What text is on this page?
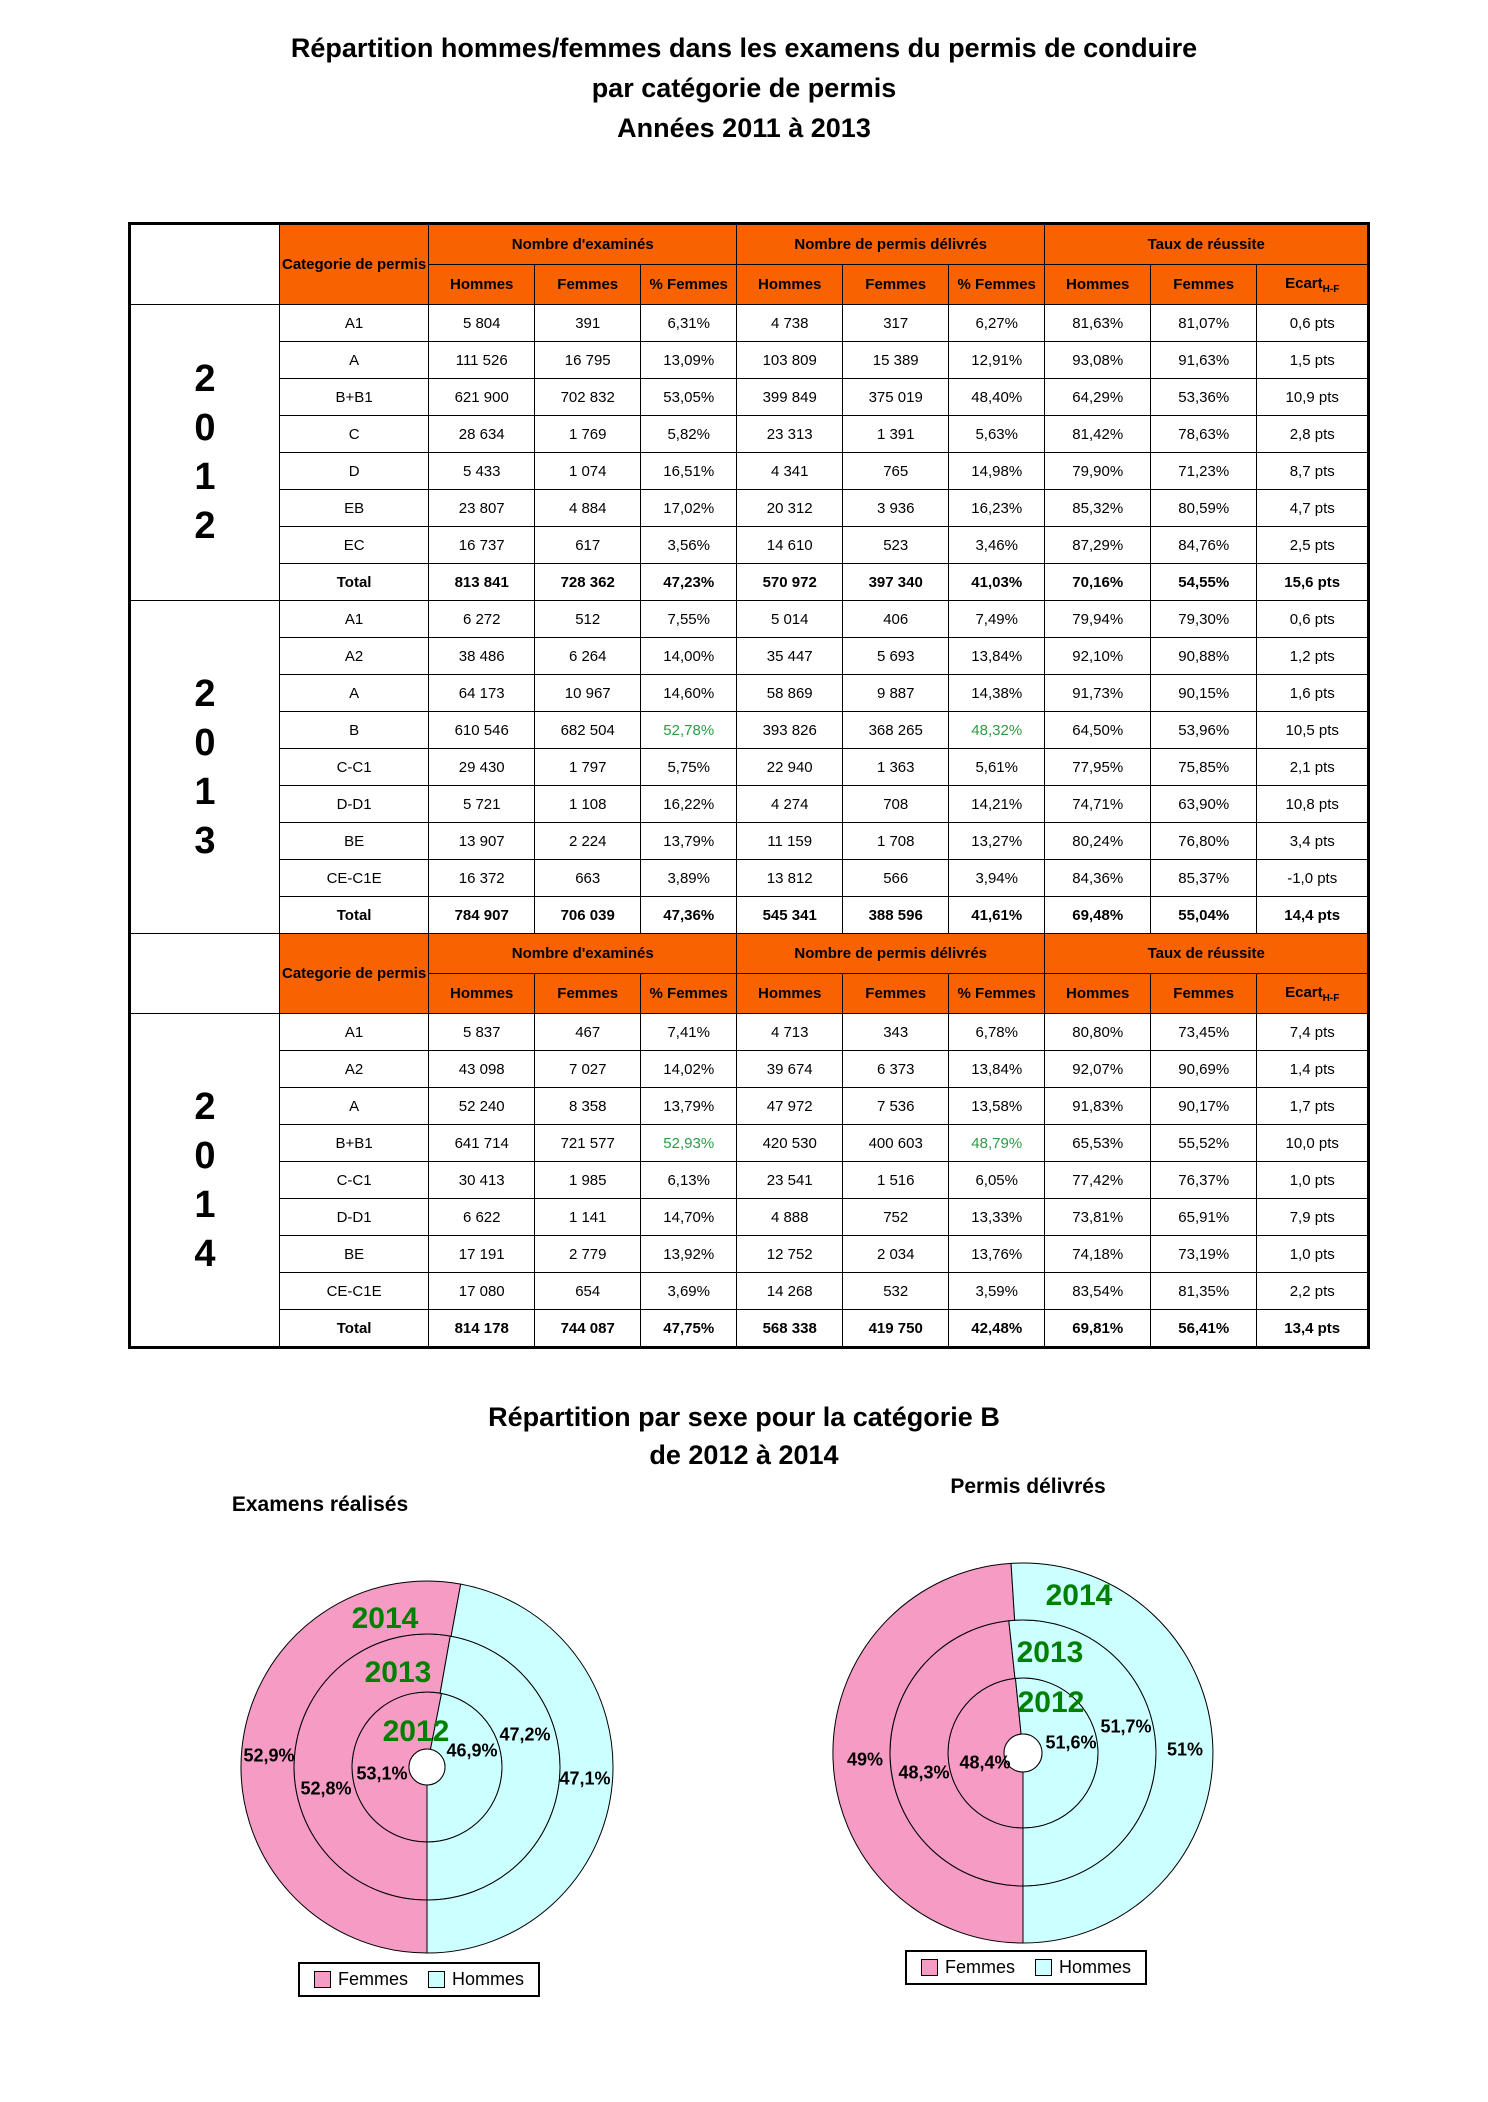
Répartition hommes/femmes dans les examens du permis de conduire
par catégorie de permis
Années 2011 à 2013
	Categorie de permis	Nombre d'examinés			Nombre de permis délivrés			Taux de réussite		
		Hommes	Femmes	% Femmes	Hommes	Femmes	% Femmes	Hommes	Femmes	Ecart$_{H-F}$

2
0
1
2	A1	5 804	391	6,31%	4 738	317	6,27%	81,63%	81,07%	0,6 pts
	A	111 526	16 795	13,09%	103 809	15 389	12,91%	93,08%	91,63%	1,5 pts
	B+B1	621 900	702 832	53,05%	399 849	375 019	48,40%	64,29%	53,36%	10,9 pts
	C	28 634	1 769	5,82%	23 313	1 391	5,63%	81,42%	78,63%	2,8 pts
	D	5 433	1 074	16,51%	4 341	765	14,98%	79,90%	71,23%	8,7 pts
	EB	23 807	4 884	17,02%	20 312	3 936	16,23%	85,32%	80,59%	4,7 pts
	EC	16 737	617	3,56%	14 610	523	3,46%	87,29%	84,76%	2,5 pts
	Total	813 841	728 362	47,23%	570 972	397 340	41,03%	70,16%	54,55%	15,6 pts

2
0
1
3	A1	6 272	512	7,55%	5 014	406	7,49%	79,94%	79,30%	0,6 pts
	A2	38 486	6 264	14,00%	35 447	5 693	13,84%	92,10%	90,88%	1,2 pts
	A	64 173	10 967	14,60%	58 869	9 887	14,38%	91,73%	90,15%	1,6 pts
	B	610 546	682 504	52,78%	393 826	368 265	48,32%	64,50%	53,96%	10,5 pts
	C-C1	29 430	1 797	5,75%	22 940	1 363	5,61%	77,95%	75,85%	2,1 pts
	D-D1	5 721	1 108	16,22%	4 274	708	14,21%	74,71%	63,90%	10,8 pts
	BE	13 907	2 224	13,79%	11 159	1 708	13,27%	80,24%	76,80%	3,4 pts
	CE-C1E	16 372	663	3,89%	13 812	566	3,94%	84,36%	85,37%	-1,0 pts
	Total	784 907	706 039	47,36%	545 341	388 596	41,61%	69,48%	55,04%	14,4 pts
	Categorie de permis	Nombre d'examinés			Nombre de permis délivrés			Taux de réussite		
		Hommes	Femmes	% Femmes	Hommes	Femmes	% Femmes	Hommes	Femmes	Ecart$_{H-F}$

2
0
1
4	A1	5 837	467	7,41%	4 713	343	6,78%	80,80%	73,45%	7,4 pts
	A2	43 098	7 027	14,02%	39 674	6 373	13,84%	92,07%	90,69%	1,4 pts
	A	52 240	8 358	13,79%	47 972	7 536	13,58%	91,83%	90,17%	1,7 pts
	B+B1	641 714	721 577	52,93%	420 530	400 603	48,79%	65,53%	55,52%	10,0 pts
	C-C1	30 413	1 985	6,13%	23 541	1 516	6,05%	77,42%	76,37%	1,0 pts
	D-D1	6 622	1 141	14,70%	4 888	752	13,33%	73,81%	65,91%	7,9 pts
	BE	17 191	2 779	13,92%	12 752	2 034	13,76%	74,18%	73,19%	1,0 pts
	CE-C1E	17 080	654	3,69%	14 268	532	3,59%	83,54%	81,35%	2,2 pts
	Total	814 178	744 087	47,75%	568 338	419 750	42,48%	69,81%	56,41%	13,4 pts
Répartition par sexe pour la catégorie B
de 2012 à 2014
Examens réalisés
2012
53,1%
46,9%
2013
52,8%
47,2%
2014
52,9%
47,1%
Femmes Hommes
Permis délivrés
2012
48,4%
51,6%
2013
48,3%
51,7%
2014
49%	51%
Femmes Hommes
